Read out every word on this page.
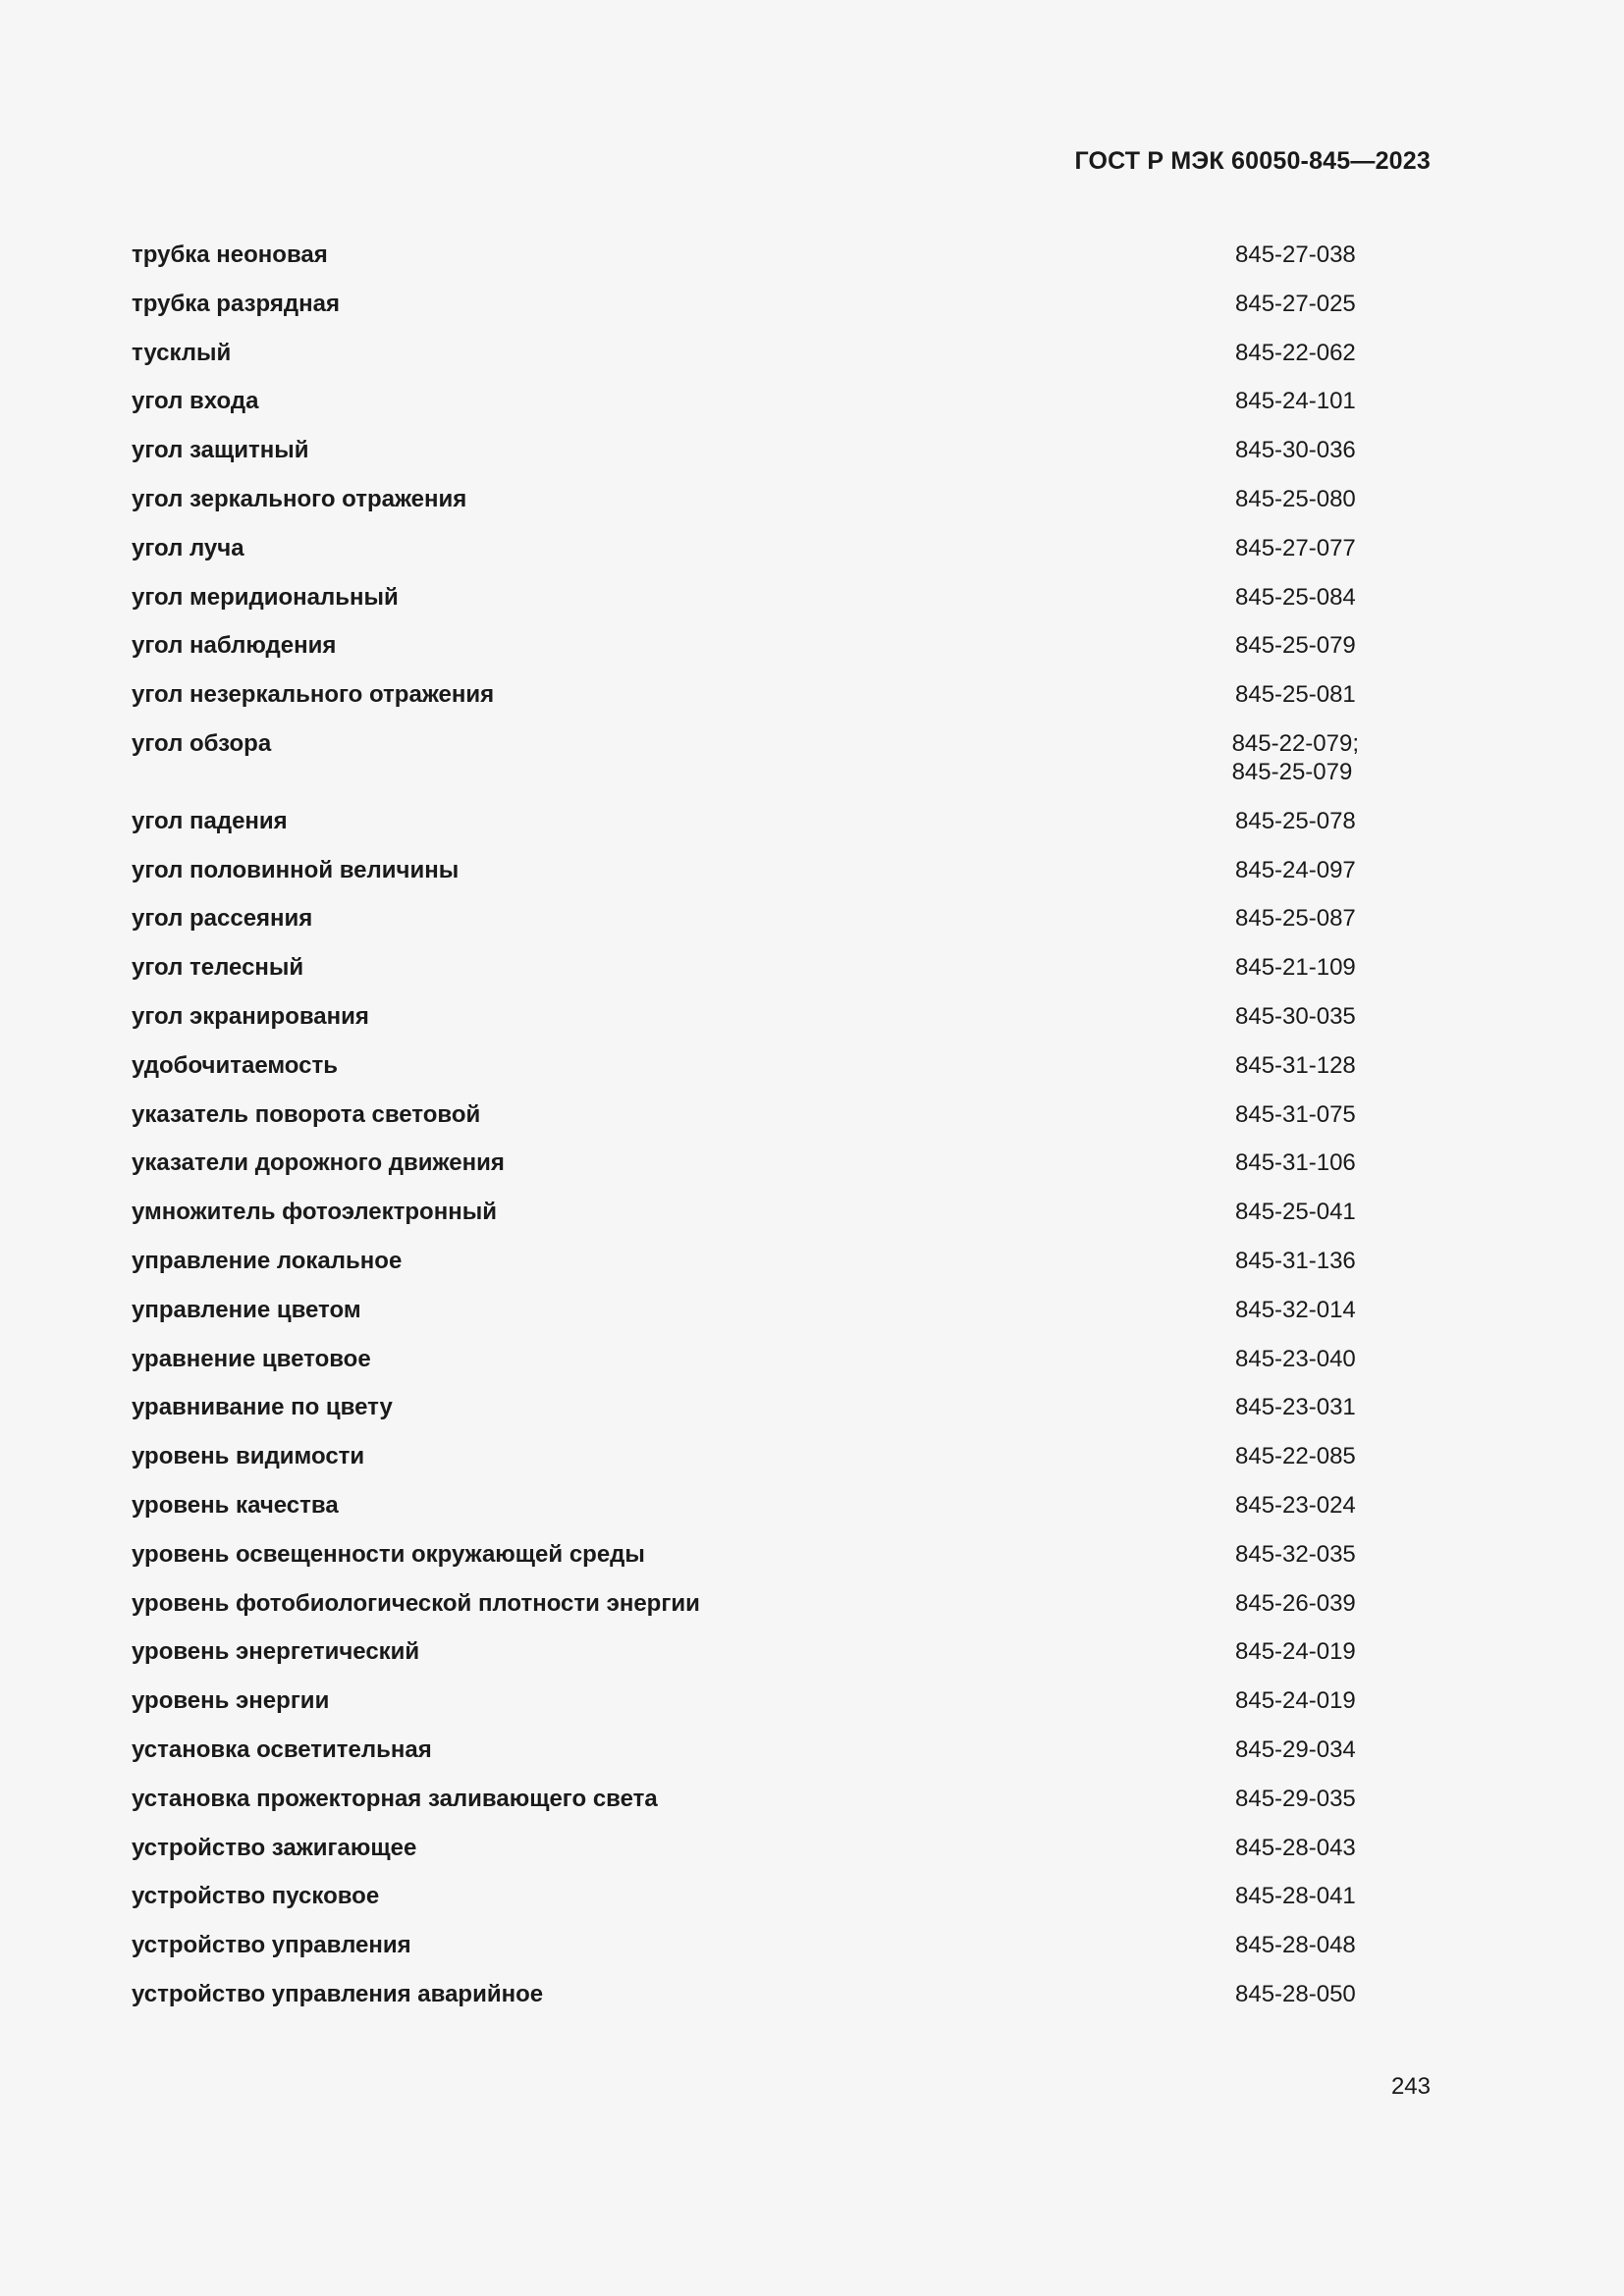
ГОСТ Р МЭК 60050-845—2023
трубка неоновая	845-27-038
трубка разрядная	845-27-025
тусклый	845-22-062
угол входа	845-24-101
угол защитный	845-30-036
угол зеркального отражения	845-25-080
угол луча	845-27-077
угол меридиональный	845-25-084
угол наблюдения	845-25-079
угол незеркального отражения	845-25-081
угол обзора	845-22-079;
845-25-079
угол падения	845-25-078
угол половинной величины	845-24-097
угол рассеяния	845-25-087
угол телесный	845-21-109
угол экранирования	845-30-035
удобочитаемость	845-31-128
указатель поворота световой	845-31-075
указатели дорожного движения	845-31-106
умножитель фотоэлектронный	845-25-041
управление локальное	845-31-136
управление цветом	845-32-014
уравнение цветовое	845-23-040
уравнивание по цвету	845-23-031
уровень видимости	845-22-085
уровень качества	845-23-024
уровень освещенности окружающей среды	845-32-035
уровень фотобиологической плотности энергии	845-26-039
уровень энергетический	845-24-019
уровень энергии	845-24-019
установка осветительная	845-29-034
установка прожекторная заливающего света	845-29-035
устройство зажигающее	845-28-043
устройство пусковое	845-28-041
устройство управления	845-28-048
устройство управления аварийное	845-28-050
243
